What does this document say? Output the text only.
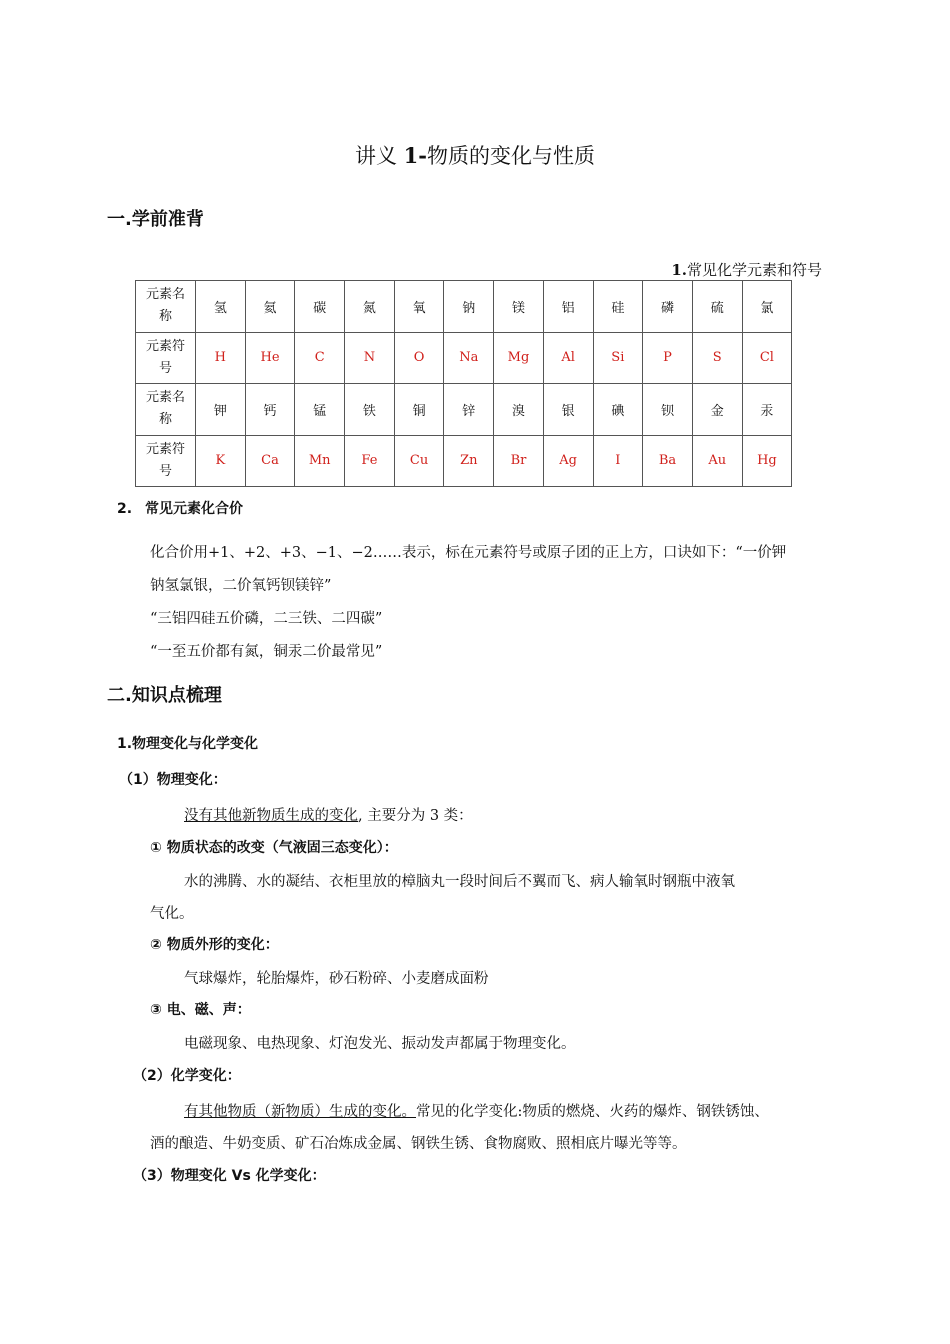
讲义 1-物质的变化与性质
一.学前准背
1.常见化学元素和符号
元素名
称	氢	氦	碳	氮	氧	钠	镁	铝	硅	磷	硫	氯

元素符
号	H	He	C	N	O	Na	Mg	Al	Si	P	S	Cl

元素名
称	钾	钙	锰	铁	铜	锌	溴	银	碘	钡	金	汞

元素符
号	K	Ca	Mn	Fe	Cu	Zn	Br	Ag	I	Ba	Au	Hg
2. 常见元素化合价
化合价用+1、+2、+3、−1、−2……表示，标在元素符号或原子团的正上方，口诀如下：“一价钾
钠氢氯银，二价氧钙钡镁锌”
“三铝四硅五价磷，二三铁、二四碳”
“一至五价都有氮，铜汞二价最常见”
二.知识点梳理
1.物理变化与化学变化
（1）物理变化：
没有其他新物质生成的变化, 主要分为 3 类：
① 物质状态的改变（气液固三态变化）：
水的沸腾、水的凝结、衣柜里放的樟脑丸一段时间后不翼而飞、病人输氧时钢瓶中液氧
气化。
② 物质外形的变化：
气球爆炸，轮胎爆炸，砂石粉碎、小麦磨成面粉
③ 电、磁、声：
电磁现象、电热现象、灯泡发光、振动发声都属于物理变化。
（2）化学变化：
有其他物质（新物质）生成的变化。常见的化学变化:物质的燃烧、火药的爆炸、钢铁锈蚀、
酒的酿造、牛奶变质、矿石冶炼成金属、钢铁生锈、食物腐败、照相底片曝光等等。
（3）物理变化 Vs 化学变化：
